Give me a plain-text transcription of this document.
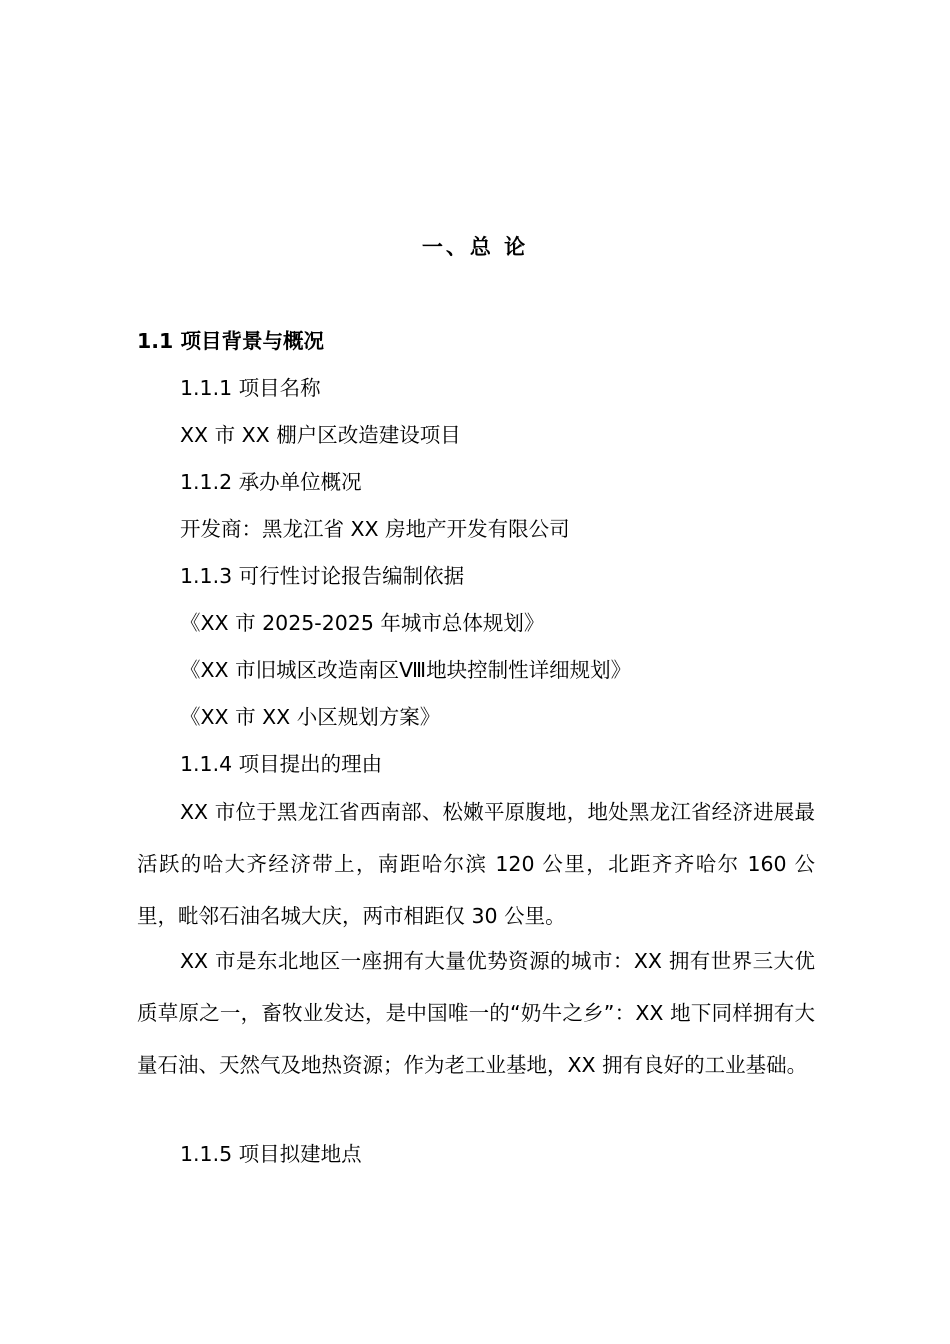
一、总 论
1.1 项目背景与概况
1.1.1 项目名称
XX 市 XX 棚户区改造建设项目
1.1.2 承办单位概况
开发商：黑龙江省 XX 房地产开发有限公司
1.1.3 可行性讨论报告编制依据
《XX 市 2025-2025 年城市总体规划》
《XX 市旧城区改造南区Ⅷ地块控制性详细规划》
《XX 市 XX 小区规划方案》
1.1.4 项目提出的理由

XX 市位于黑龙江省西南部、松嫩平原腹地，地处黑龙江省经济进展最活跃的哈大齐经济带上，南距哈尔滨 120 公里，北距齐齐哈尔 160 公里，毗邻石油名城大庆，两市相距仅 30 公里。

XX 市是东北地区一座拥有大量优势资源的城市：XX 拥有世界三大优质草原之一，畜牧业发达，是中国唯一的“奶牛之乡”：XX 地下同样拥有大量石油、天然气及地热资源；作为老工业基地，XX 拥有良好的工业基础。

1.1.5 项目拟建地点
